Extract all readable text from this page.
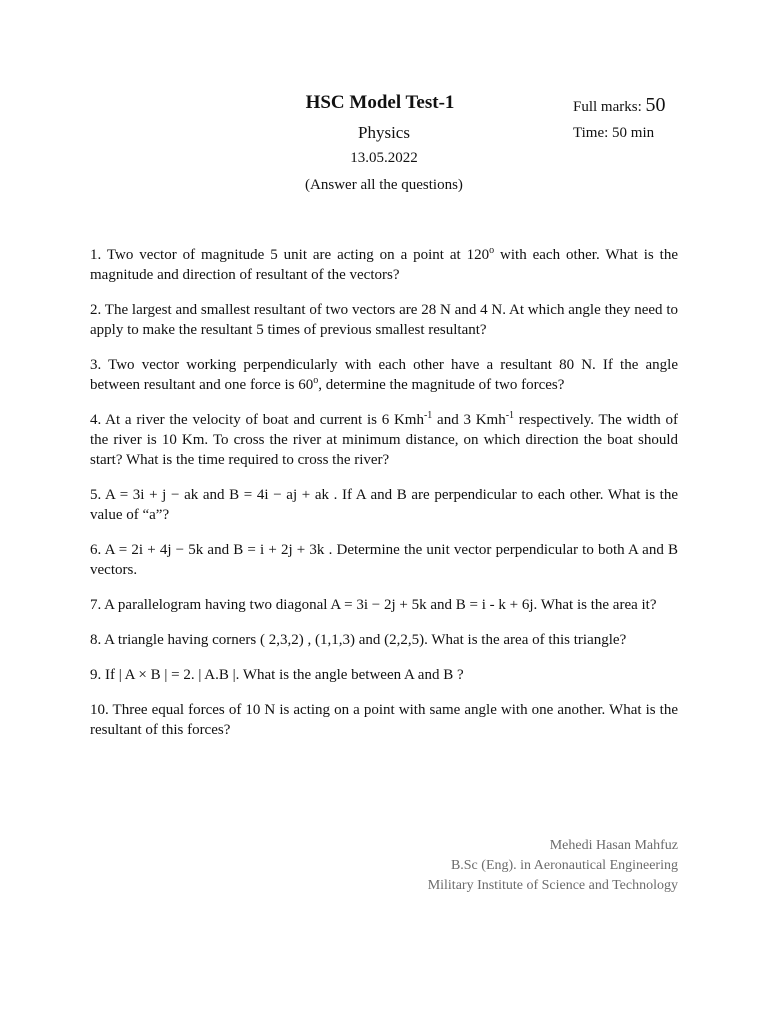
HSC Model Test-1
Physics
13.05.2022
(Answer all the questions)
Full marks: 50
Time: 50 min

1. Two vector of magnitude 5 unit are acting on a point at 120$^o$ with each other. What is the magnitude and direction of resultant of the vectors?

2. The largest and smallest resultant of two vectors are 28 N and 4 N. At which angle they need to apply to make the resultant 5 times of previous smallest resultant?

3. Two vector working perpendicularly with each other have a resultant 80 N. If the angle between resultant and one force is 60$^o$, determine the magnitude of two forces?

4. At a river the velocity of boat and current is 6 Kmh$^{-1}$ and 3 Kmh$^{-1}$ respectively. The width of the river is 10 Km. To cross the river at minimum distance, on which direction the boat should start? What is the time required to cross the river?

5. A = 3i + j − ak and B = 4i − aj + ak . If A and B are perpendicular to each other. What is the value of “a”?

6. A = 2i + 4j − 5k and B = i + 2j + 3k . Determine the unit vector perpendicular to both A and B vectors.

7. A parallelogram having two diagonal A = 3i − 2j + 5k and B = i - k + 6j. What is the area it?

8. A triangle having corners ( 2,3,2) , (1,1,3) and (2,2,5). What is the area of this triangle?

9. If | A × B | = 2. | A.B |. What is the angle between A and B ?

10. Three equal forces of 10 N is acting on a point with same angle with one another. What is the resultant of this forces?

Mehedi Hasan Mahfuz
B.Sc (Eng). in Aeronautical Engineering
Military Institute of Science and Technology
